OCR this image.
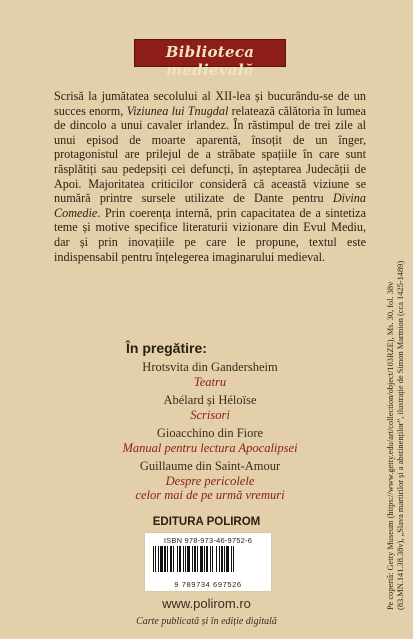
Biblioteca medievală
Scrisă la jumătatea secolului al XII-lea și bucurându-se de un succes enorm, Viziunea lui Tnugdal relatează călătoria în lumea de dincolo a unui cavaler irlandez. În răstimpul de trei zile al unui episod de moarte aparentă, însoțit de un înger, protagonistul are prilejul de a străbate spațiile în care sunt răsplătiți sau pedepsiți cei defuncți, în așteptarea Judecății de Apoi. Majoritatea criticilor consideră că această viziune se numără printre sursele utilizate de Dante pentru Divina Comedie. Prin coerența internă, prin capacitatea de a sintetiza teme și motive specifice literaturii vizionare din Evul Mediu, dar și prin inovațiile pe care le propune, textul este indispensabil pentru înțelegerea imaginarului medieval.
În pregătire:
Hrotsvita din Gandersheim
Teatru
Abélard și Héloïse
Scrisori
Gioacchino din Fiore
Manual pentru lectura Apocalipsei
Guillaume din Saint-Amour
Despre pericolele
celor mai de pe urmă vremuri
EDITURA POLIROM
ISBN 978-973-46-9752-6
9 789734 697526
www.polirom.ro
Carte publicată și în ediție digitală
Pe copertă: Getty Museum (https://www.getty.edu/art/collection/object/103RZE), Ms. 30, fol. 38v (83.MN.141.38.38v), „Slava martirilor și a abstinenților”, ilustrație de Simon Marmion (cca 1425-1489)
